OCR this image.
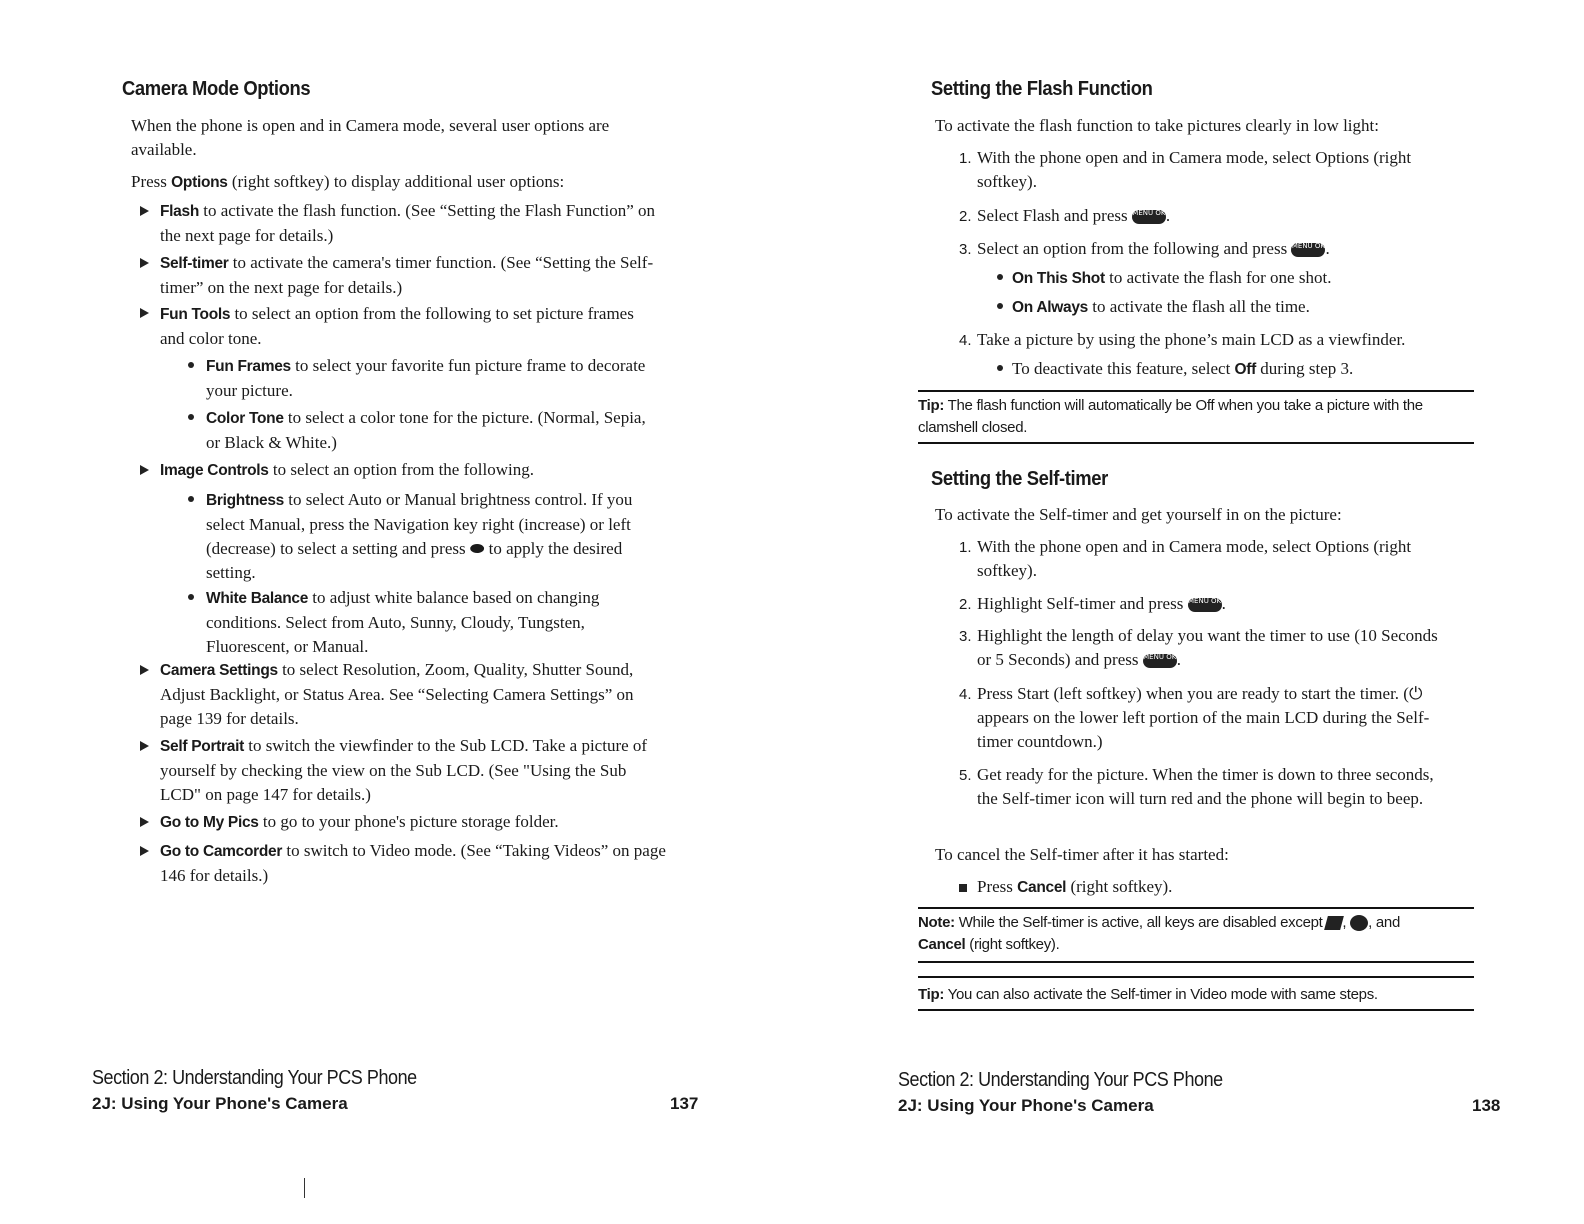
Camera Mode Options
When the phone is open and in Camera mode, several user options are available.
Press Options (right softkey) to display additional user options:
Flash to activate the flash function. (See “Setting the Flash Function” on the next page for details.)
Self-timer to activate the camera's timer function. (See “Setting the Self-timer” on the next page for details.)
Fun Tools to select an option from the following to set picture frames and color tone.
Fun Frames to select your favorite fun picture frame to decorate your picture.
Color Tone to select a color tone for the picture. (Normal, Sepia, or Black & White.)
Image Controls to select an option from the following.
Brightness to select Auto or Manual brightness control. If you select Manual, press the Navigation key right (increase) or left (decrease) to select a setting and press ⬬ to apply the desired setting.
White Balance to adjust white balance based on changing conditions. Select from Auto, Sunny, Cloudy, Tungsten, Fluorescent, or Manual.
Camera Settings to select Resolution, Zoom, Quality, Shutter Sound, Adjust Backlight, or Status Area. See “Selecting Camera Settings” on page 139 for details.
Self Portrait to switch the viewfinder to the Sub LCD. Take a picture of yourself by checking the view on the Sub LCD. (See "Using the Sub LCD" on page 147 for details.)
Go to My Pics to go to your phone's picture storage folder.
Go to Camcorder to switch to Video mode. (See “Taking Videos” on page 146 for details.)
Section 2: Understanding Your PCS Phone
2J: Using Your Phone's Camera	137
Setting the Flash Function
To activate the flash function to take pictures clearly in low light:
1. With the phone open and in Camera mode, select Options (right softkey).
2. Select Flash and press MENU OK.
3. Select an option from the following and press MENU OK.
On This Shot to activate the flash for one shot.
On Always to activate the flash all the time.
4. Take a picture by using the phone’s main LCD as a viewfinder.
To deactivate this feature, select Off during step 3.
Tip: The flash function will automatically be Off when you take a picture with the clamshell closed.
Setting the Self-timer
To activate the Self-timer and get yourself in on the picture:
1. With the phone open and in Camera mode, select Options (right softkey).
2. Highlight Self-timer and press MENU OK.
3. Highlight the length of delay you want the timer to use (10 Seconds or 5 Seconds) and press MENU OK.
4. Press Start (left softkey) when you are ready to start the timer. (⏻ appears on the lower left portion of the main LCD during the Self-timer countdown.)
5. Get ready for the picture. When the timer is down to three seconds, the Self-timer icon will turn red and the phone will begin to beep.
To cancel the Self-timer after it has started:
Press Cancel (right softkey).
Note: While the Self-timer is active, all keys are disabled except , , and
Cancel (right softkey).
Tip: You can also activate the Self-timer in Video mode with same steps.
Section 2: Understanding Your PCS Phone
2J: Using Your Phone's Camera	138
